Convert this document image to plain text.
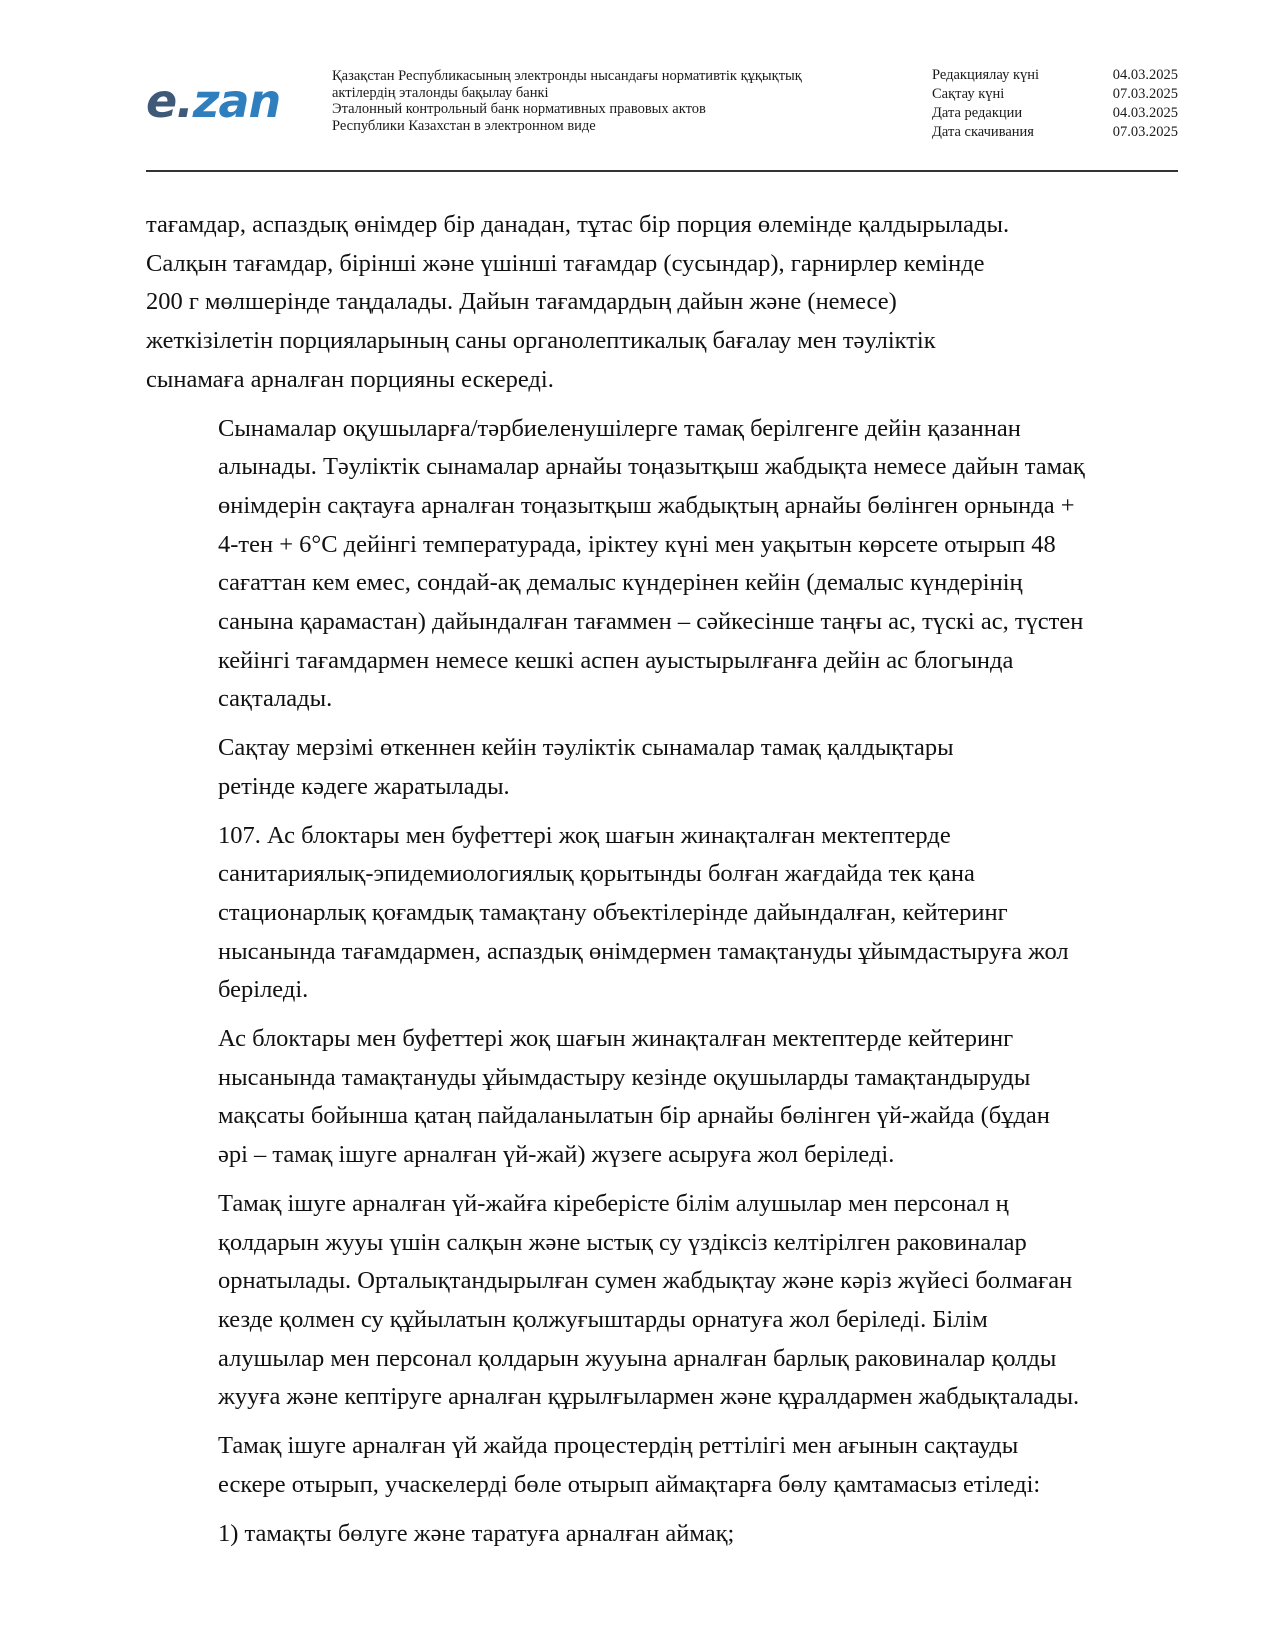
e.zan	Қазақстан Республикасының электронды нысандағы нормативтік құқықтық
актілердің эталонды бақылау банкі
Эталонный контрольный банк нормативных правовых актов
Республики Казахстан в электронном виде
Редакциялау күні	04.03.2025
Сақтау күні	07.03.2025
Дата редакции	04.03.2025
Дата скачивания	07.03.2025

тағамдар, аспаздық өнімдер бір данадан, тұтас бір порция өлемінде қалдырылады.
Салқын тағамдар, бірінші және үшінші тағамдар (сусындар), гарнирлер кемінде
200 г мөлшерінде таңдалады. Дайын тағамдардың дайын және (немесе)
жеткізілетін порцияларының саны органолептикалық бағалау мен тәуліктік
сынамаға арналған порцияны ескереді.

Сынамалар оқушыларға/тәрбиеленушілерге тамақ берілгенге дейін қазаннан
алынады. Тәуліктік сынамалар арнайы тоңазытқыш жабдықта немесе дайын тамақ
өнімдерін сақтауға арналған тоңазытқыш жабдықтың арнайы бөлінген орнында +
4-тен + 6°C дейінгі температурада, іріктеу күні мен уақытын көрсете отырып 48
сағаттан кем емес, сондай-ақ демалыс күндерінен кейін (демалыс күндерінің
санына қарамастан) дайындалған тағаммен – сәйкесінше таңғы ас, түскі ас, түстен
кейінгі тағамдармен немесе кешкі аспен ауыстырылғанға дейін ас блогында
сақталады.

Сақтау мерзімі өткеннен кейін тәуліктік сынамалар тамақ қалдықтары
ретінде кәдеге жаратылады.

107. Ас блоктары мен буфеттері жоқ шағын жинақталған мектептерде
санитариялық-эпидемиологиялық қорытынды болған жағдайда тек қана
стационарлық қоғамдық тамақтану объектілерінде дайындалған, кейтеринг
нысанында тағамдармен, аспаздық өнімдермен тамақтануды ұйымдастыруға жол
беріледі.

Ас блоктары мен буфеттері жоқ шағын жинақталған мектептерде кейтеринг
нысанында тамақтануды ұйымдастыру кезінде оқушыларды тамақтандыруды
мақсаты бойынша қатаң пайдаланылатын бір арнайы бөлінген үй-жайда (бұдан
әрі – тамақ ішуге арналған үй-жай) жүзеге асыруға жол беріледі.

Тамақ ішуге арналған үй-жайға кіреберісте білім алушылар мен персонал ң
қолдарын жууы үшін салқын және ыстық су үздіксіз келтірілген раковиналар
орнатылады. Орталықтандырылған сумен жабдықтау және кәріз жүйесі болмаған
кезде қолмен су құйылатын қолжуғыштарды орнатуға жол беріледі. Білім
алушылар мен персонал қолдарын жууына арналған барлық раковиналар қолды
жууға және кептіруге арналған құрылғылармен және құралдармен жабдықталады.

Тамақ ішуге арналған үй жайда процестердің реттілігі мен ағынын сақтауды
ескере отырып, учаскелерді бөле отырып аймақтарға бөлу қамтамасыз етіледі:

1) тамақты бөлуге және таратуға арналған аймақ;
